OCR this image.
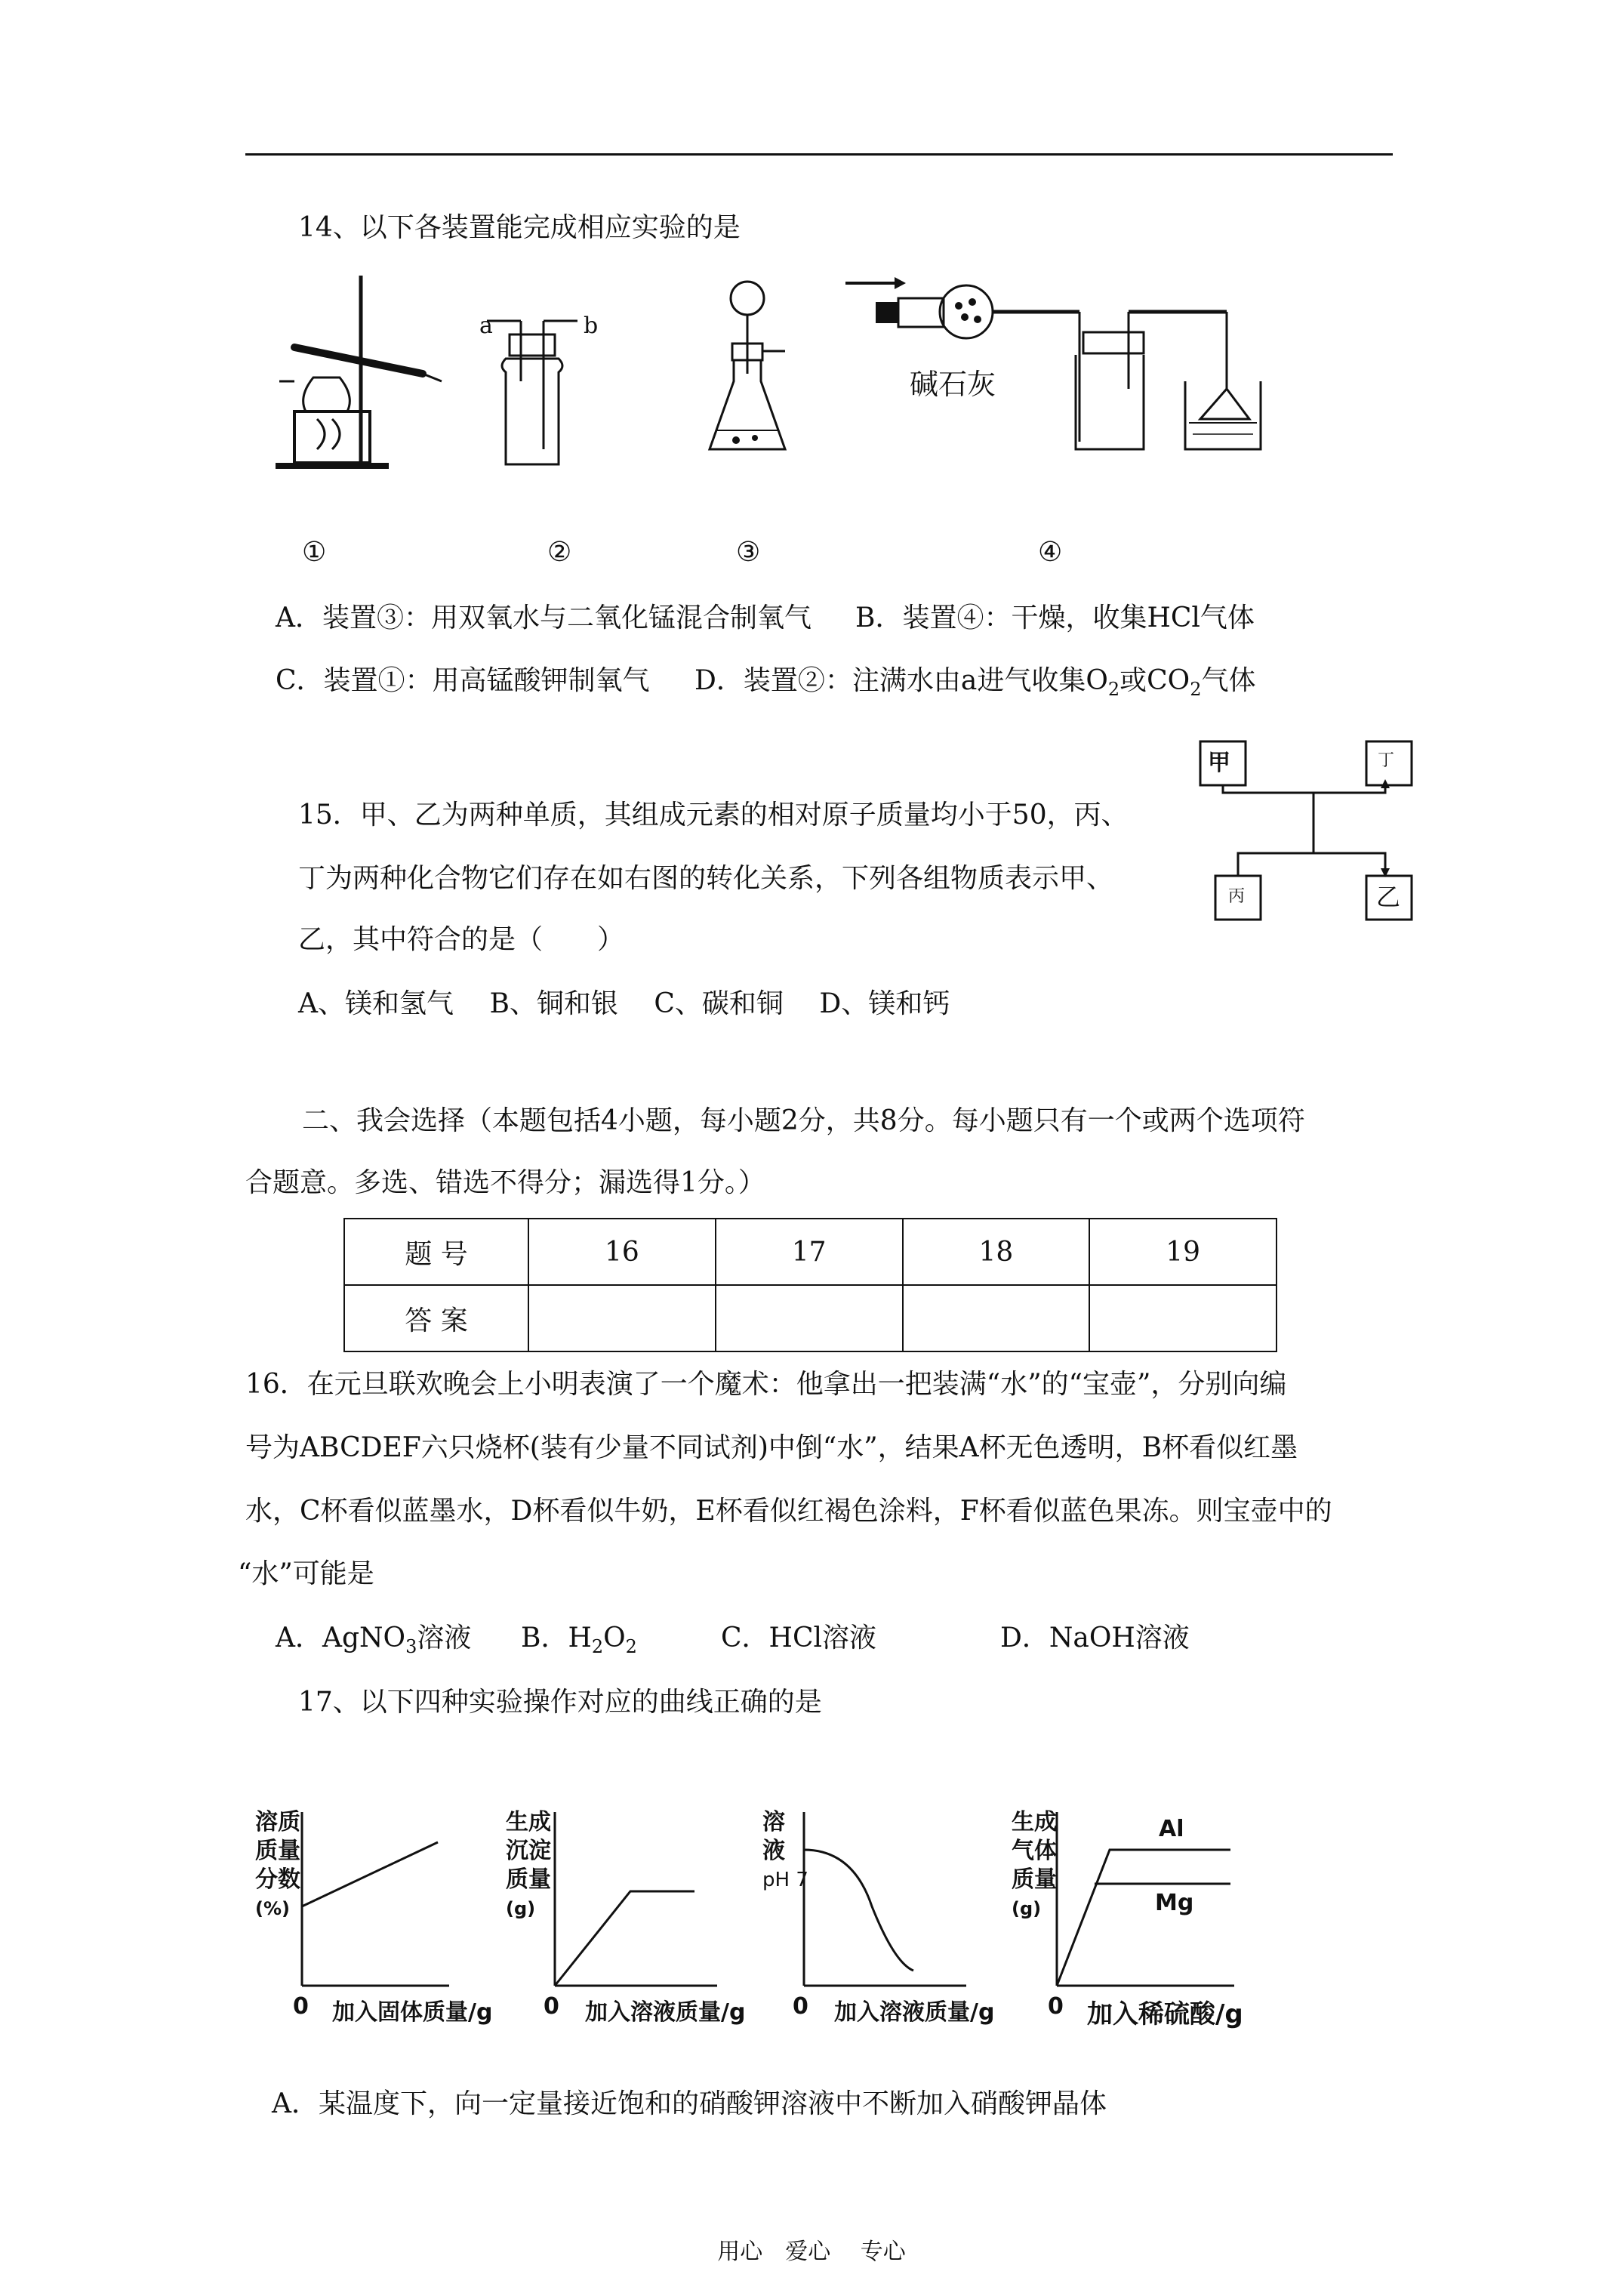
14、以下各装置能完成相应实验的是
a	b
碱石灰
①	②	③	④
A．装置③：用双氧水与二氧化锰混合制氧气 B．装置④：干燥，收集HCl气体
C．装置①：用高锰酸钾制氧气 D．装置②：注满水由a进气收集$O_2$或$CO_2$气体
15．甲、乙为两种单质，其组成元素的相对原子质量均小于50，丙、
丁为两种化合物它们存在如右图的转化关系，下列各组物质表示甲、
乙，其中符合的是（　　）
A、镁和氢气　 B、铜和银　 C、碳和铜　 D、镁和钙
甲	丁
丙	乙
二、我会选择（本题包括4小题，每小题2分，共8分。每小题只有一个或两个选项符
合题意。多选、错选不得分；漏选得1分。）
题 号	16	17	18	19
答 案				
16．在元旦联欢晚会上小明表演了一个魔术：他拿出一把装满“水”的“宝壶”，分别向编
号为ABCDEF六只烧杯(装有少量不同试剂)中倒“水”，结果A杯无色透明，B杯看似红墨
水，C杯看似蓝墨水，D杯看似牛奶，E杯看似红褐色涂料，F杯看似蓝色果冻。则宝壶中的
“水”可能是
A．AgNO$_3$溶液 B．$H_2O_2$	C．HCl溶液	D．NaOH溶液
17、以下四种实验操作对应的曲线正确的是
溶质
质量
分数
(%)
0 加入固体质量/g
生成
沉淀
质量
(g)
0 加入溶液质量/g
溶
液
pH 7
0 加入溶液质量/g
生成
气体
质量
(g)
Al
Mg
0 加入稀硫酸/g
A．某温度下，向一定量接近饱和的硝酸钾溶液中不断加入硝酸钾晶体
用心　爱心　 专心
